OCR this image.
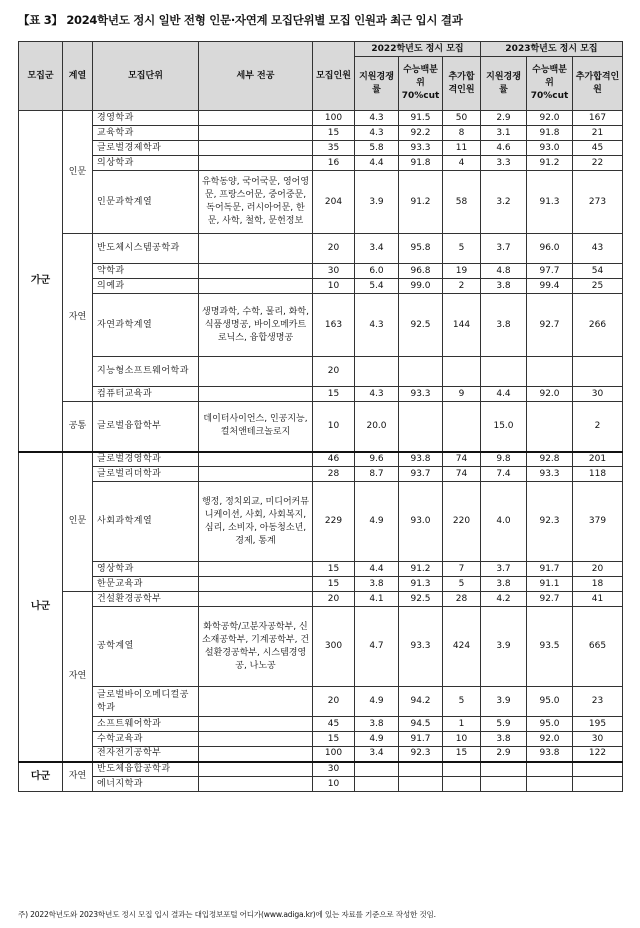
【표 3】 2024학년도 정시 일반 전형 인문·자연계 모집단위별 모집 인원과 최근 입시 결과
모집군	계열	모집단위	세부 전공	모집인원	2022학년도 정시 모집			2023학년도 정시 모집		
					지원경쟁률	수능백분위70%cut	추가합격인원	지원경쟁률	수능백분위70%cut	추가합격인원
가군	인문	경영학과		100	4.3	91.5	50	2.9	92.0	167

		교육학과		15	4.3	92.2	8	3.1	91.8	21

		글로벌경제학과		35	5.8	93.3	11	4.6	93.0	45

		의상학과		16	4.4	91.8	4	3.3	91.2	22

		인문과학계열	유학동양, 국어국문, 영어영문, 프랑스어문, 중어중문, 독어독문, 러시아어문, 한문, 사학, 철학, 문헌정보	204	3.9	91.2	58	3.2	91.3	273
	자연	반도체시스템공학과		20	3.4	95.8	5	3.7	96.0	43

		약학과		30	6.0	96.8	19	4.8	97.7	54

		의예과		10	5.4	99.0	2	3.8	99.4	25

		자연과학계열	생명과학, 수학, 물리, 화학, 식품생명공, 바이오메카트로닉스, 융합생명공	163	4.3	92.5	144	3.8	92.7	266

		지능형소프트웨어학과		20						

		컴퓨터교육과		15	4.3	93.3	9	4.4	92.0	30
	공통	글로벌융합학부	데이터사이언스, 인공지능, 컬처앤테크놀로지	10	20.0			15.0		2
나군	인문	글로벌경영학과		46	9.6	93.8	74	9.8	92.8	201

		글로벌리더학과		28	8.7	93.7	74	7.4	93.3	118

		사회과학계열	행정, 정치외교, 미디어커뮤니케이션, 사회, 사회복지, 심리, 소비자, 아동청소년, 경제, 통계	229	4.9	93.0	220	4.0	92.3	379

		영상학과		15	4.4	91.2	7	3.7	91.7	20

		한문교육과		15	3.8	91.3	5	3.8	91.1	18
	자연	건설환경공학부		20	4.1	92.5	28	4.2	92.7	41

		공학계열	화학공학/고분자공학부, 신소재공학부, 기계공학부, 건설환경공학부, 시스템경영공, 나노공	300	4.7	93.3	424	3.9	93.5	665

		글로벌바이오메디컬공학과		20	4.9	94.2	5	3.9	95.0	23

		소프트웨어학과		45	3.8	94.5	1	5.9	95.0	195

		수학교육과		15	4.9	91.7	10	3.8	92.0	30

		전자전기공학부		100	3.4	92.3	15	2.9	93.8	122
다군	자연	반도체융합공학과		30						

		에너지학과		10						
주) 2022학년도와 2023학년도 정시 모집 입시 결과는 대입정보포털 어디가(www.adiga.kr)에 있는 자료를 기준으로 작성한 것임.
